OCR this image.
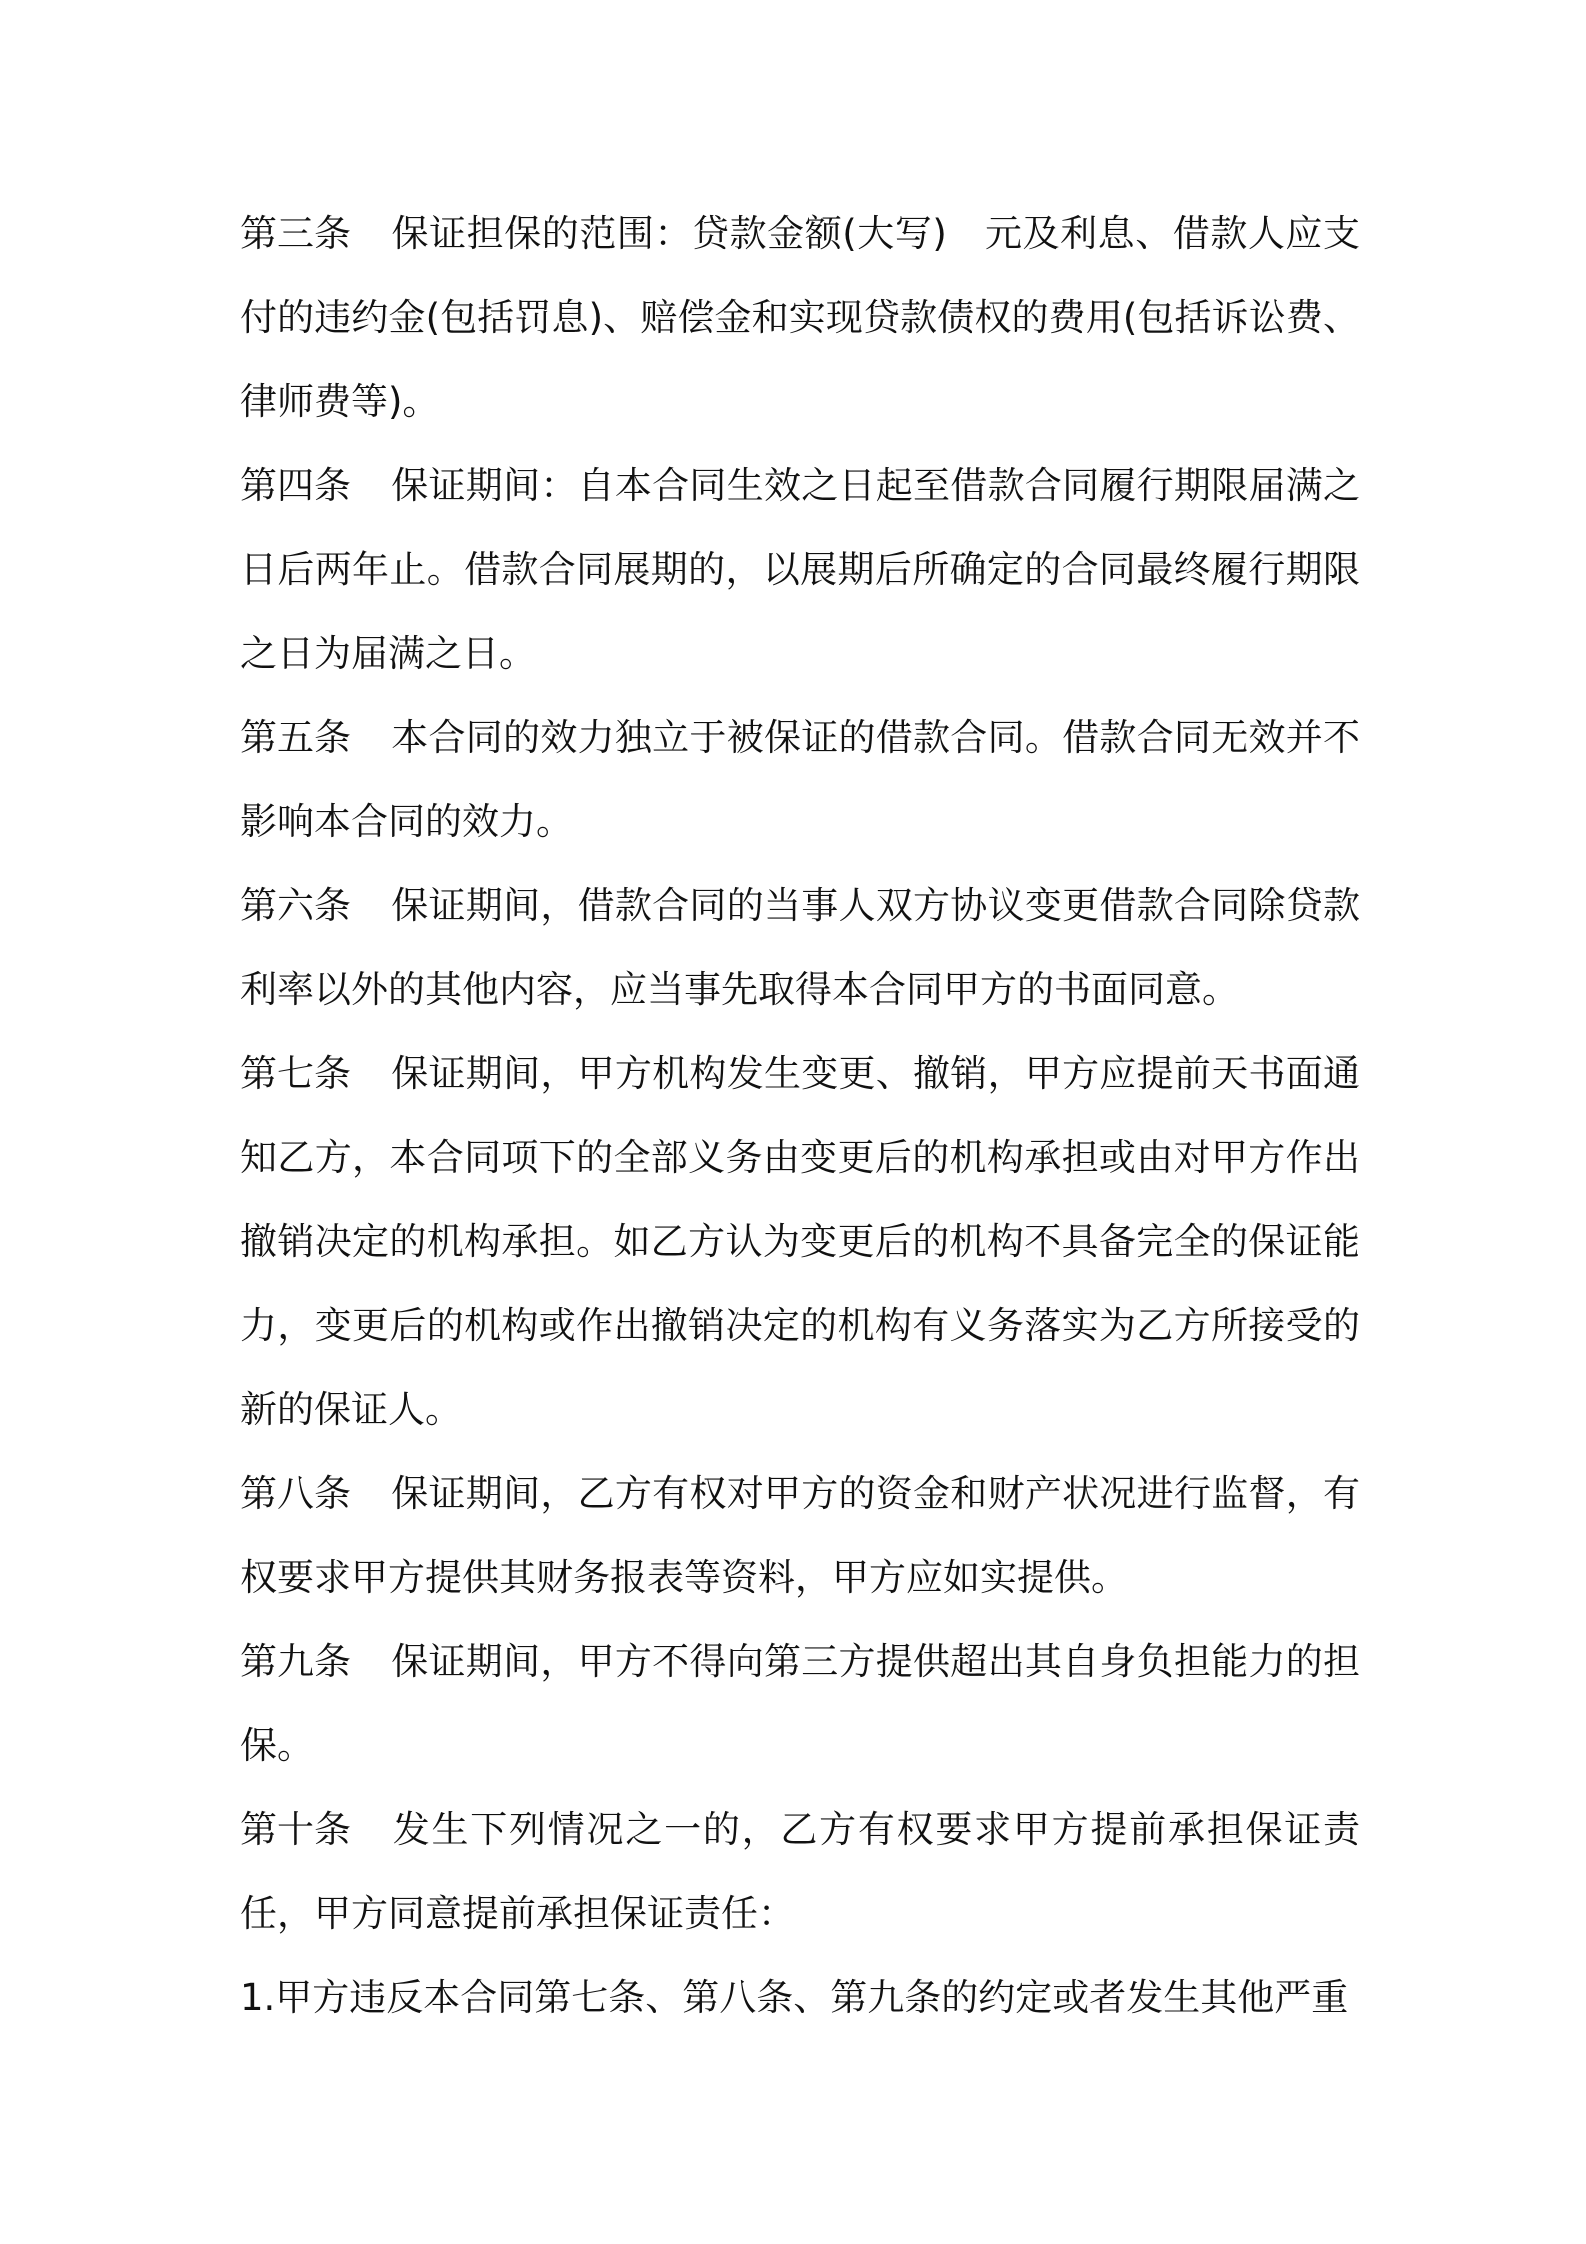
第三条 保证担保的范围：贷款金额(大写)　元及利息、借款人应支付的违约金(包括罚息)、赔偿金和实现贷款债权的费用(包括诉讼费、律师费等)。

第四条 保证期间：自本合同生效之日起至借款合同履行期限届满之日后两年止。借款合同展期的，以展期后所确定的合同最终履行期限之日为届满之日。

第五条 本合同的效力独立于被保证的借款合同。借款合同无效并不影响本合同的效力。

第六条 保证期间，借款合同的当事人双方协议变更借款合同除贷款利率以外的其他内容，应当事先取得本合同甲方的书面同意。

第七条 保证期间，甲方机构发生变更、撤销，甲方应提前天书面通知乙方，本合同项下的全部义务由变更后的机构承担或由对甲方作出撤销决定的机构承担。如乙方认为变更后的机构不具备完全的保证能力，变更后的机构或作出撤销决定的机构有义务落实为乙方所接受的新的保证人。

第八条 保证期间，乙方有权对甲方的资金和财产状况进行监督，有权要求甲方提供其财务报表等资料，甲方应如实提供。

第九条 保证期间，甲方不得向第三方提供超出其自身负担能力的担保。

第十条 发生下列情况之一的，乙方有权要求甲方提前承担保证责任，甲方同意提前承担保证责任：

1.甲方违反本合同第七条、第八条、第九条的约定或者发生其他严重
